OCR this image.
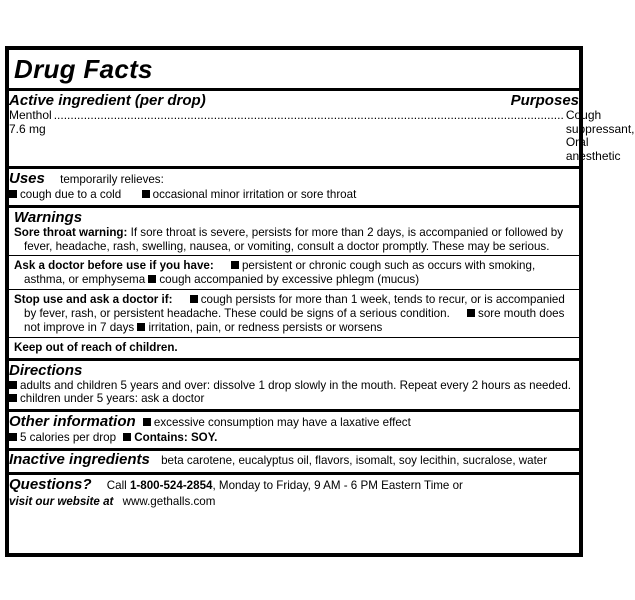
Drug Facts
Active ingredient (per drop)	Purposes
Menthol 7.6 mg
......................................................................................................................................................... Cough suppressant, Oral anesthetic
Uses temporarily relieves:
cough due to a cold	occasional minor irritation or sore throat
Warnings
Sore throat warning: If sore throat is severe, persists for more than 2 days, is accompanied or followed by fever, headache, rash, swelling, nausea, or vomiting, consult a doctor promptly. These may be serious.
Ask a doctor before use if you have: persistent or chronic cough such as occurs with smoking, asthma, or emphysema cough accompanied by excessive phlegm (mucus)
Stop use and ask a doctor if: cough persists for more than 1 week, tends to recur, or is accompanied by fever, rash, or persistent headache. These could be signs of a serious condition. sore mouth does not improve in 7 days irritation, pain, or redness persists or worsens
Keep out of reach of children.
Directions
adults and children 5 years and over: dissolve 1 drop slowly in the mouth. Repeat every 2 hours as needed.
children under 5 years: ask a doctor
Other information excessive consumption may have a laxative effect
5 calories per drop Contains: SOY.
Inactive ingredients beta carotene, eucalyptus oil, flavors, isomalt, soy lecithin, sucralose, water
Questions? Call 1-800-524-2854, Monday to Friday, 9 AM - 6 PM Eastern Time or
visit our website at www.gethalls.com
